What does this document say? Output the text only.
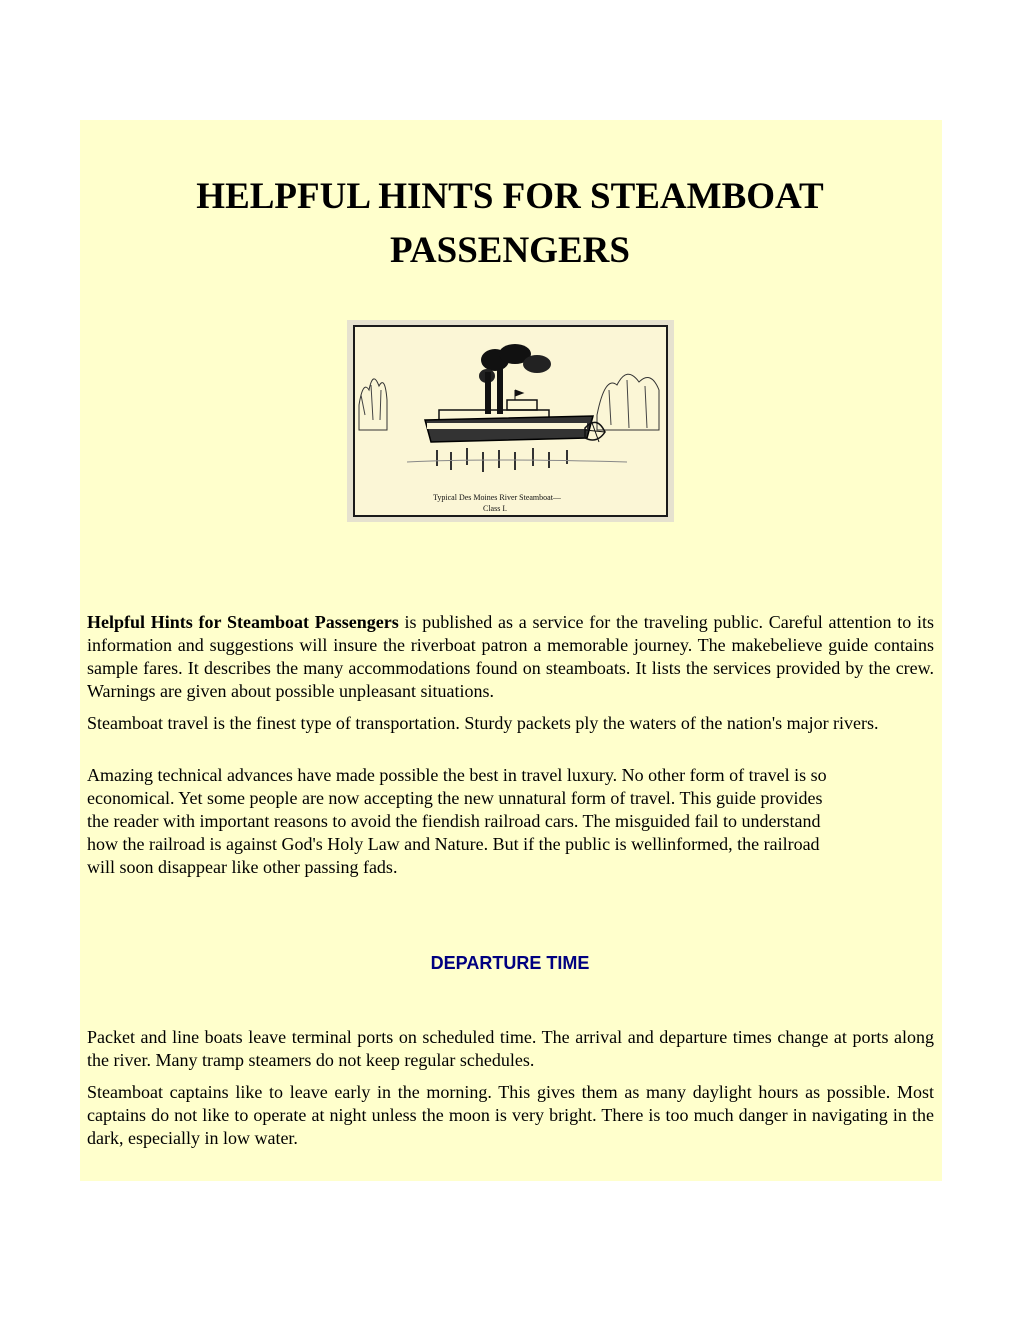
HELPFUL HINTS FOR STEAMBOAT
PASSENGERS
Typical Des Moines River Steamboat—
Class I.

Helpful Hints for Steamboat Passengers is published as a service for the traveling public. Careful attention to its information and suggestions will insure the riverboat patron a memorable journey. The makebelieve guide contains sample fares. It describes the many accommodations found on steamboats. It lists the services provided by the crew. Warnings are given about possible unpleasant situations.

Steamboat travel is the finest type of transportation. Sturdy packets ply the waters of the nation's major rivers.

Amazing technical advances have made possible the best in travel luxury. No other form of travel is so
economical. Yet some people are now accepting the new unnatural form of travel. This guide provides
the reader with important reasons to avoid the fiendish railroad cars. The misguided fail to understand
how the railroad is against God's Holy Law and Nature. But if the public is wellinformed, the railroad
will soon disappear like other passing fads.

DEPARTURE TIME

Packet and line boats leave terminal ports on scheduled time. The arrival and departure times change at ports along the river. Many tramp steamers do not keep regular schedules.

Steamboat captains like to leave early in the morning. This gives them as many daylight hours as possible. Most captains do not like to operate at night unless the moon is very bright. There is too much danger in navigating in the dark, especially in low water.
